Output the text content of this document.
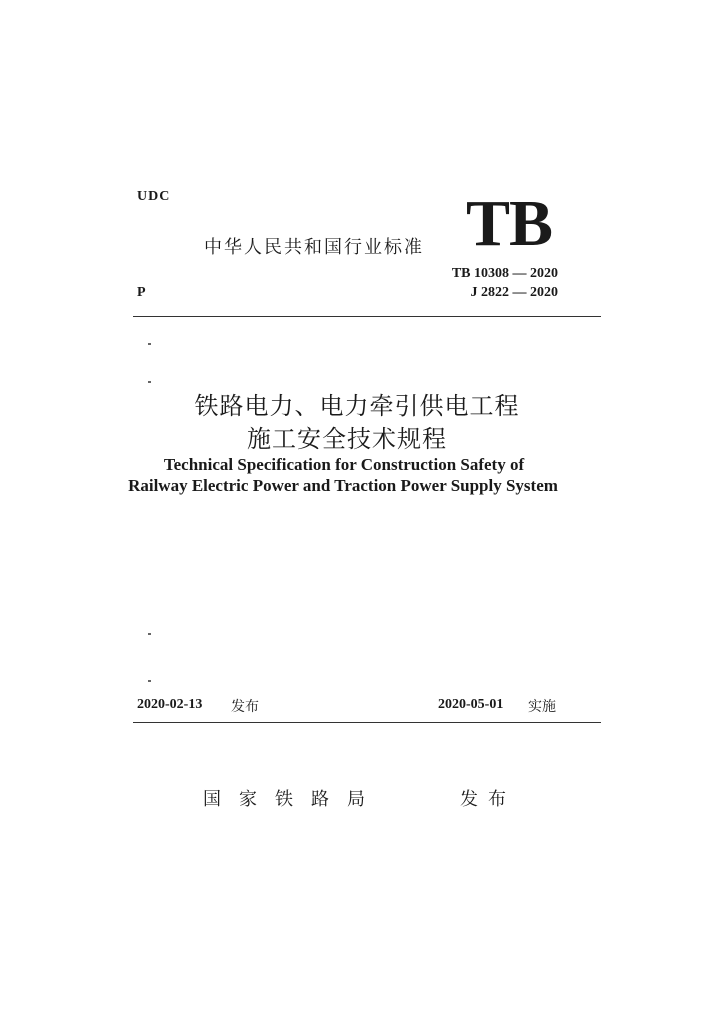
UDC

中华人民共和国行业标准 TB

TB 10308 — 2020

P	J 2822 — 2020

铁路电力、电力牵引供电工程

施工安全技术规程

Technical Specification for Construction Safety of

Railway Electric Power and Traction Power Supply System

2020-02-13 发布	2020-05-01 实施

国家铁路局	发布
